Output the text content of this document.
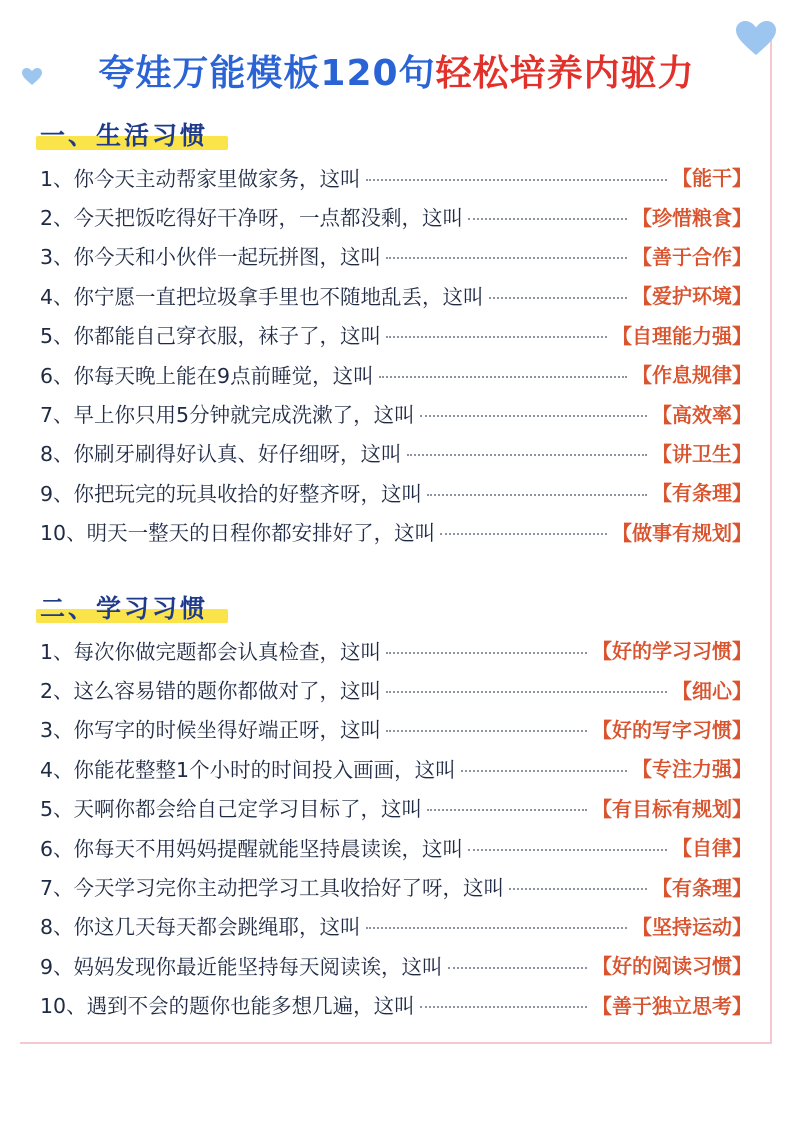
夸娃万能模板120句轻松培养内驱力
一、生活习惯
1、 你今天主动帮家里做家务，这叫	【能干】
2、 今天把饭吃得好干净呀，一点都没剩，这叫	【珍惜粮食】
3、 你今天和小伙伴一起玩拼图，这叫	【善于合作】
4、 你宁愿一直把垃圾拿手里也不随地乱丢，这叫	【爱护环境】
5、 你都能自己穿衣服，袜子了，这叫	【自理能力强】
6、 你每天晚上能在9点前睡觉，这叫	【作息规律】
7、 早上你只用5分钟就完成洗漱了，这叫	【高效率】
8、 你刷牙刷得好认真、好仔细呀，这叫	【讲卫生】
9、 你把玩完的玩具收拾的好整齐呀，这叫	【有条理】
10、 明天一整天的日程你都安排好了，这叫	【做事有规划】
二、学习习惯
1、 每次你做完题都会认真检查，这叫	【好的学习习惯】
2、 这么容易错的题你都做对了，这叫	【细心】
3、 你写字的时候坐得好端正呀，这叫	【好的写字习惯】
4、 你能花整整1个小时的时间投入画画，这叫	【专注力强】
5、 天啊你都会给自己定学习目标了，这叫	【有目标有规划】
6、 你每天不用妈妈提醒就能坚持晨读诶，这叫	【自律】
7、 今天学习完你主动把学习工具收拾好了呀，这叫	【有条理】
8、 你这几天每天都会跳绳耶，这叫	【坚持运动】
9、 妈妈发现你最近能坚持每天阅读诶，这叫	【好的阅读习惯】
10、 遇到不会的题你也能多想几遍，这叫	【善于独立思考】
